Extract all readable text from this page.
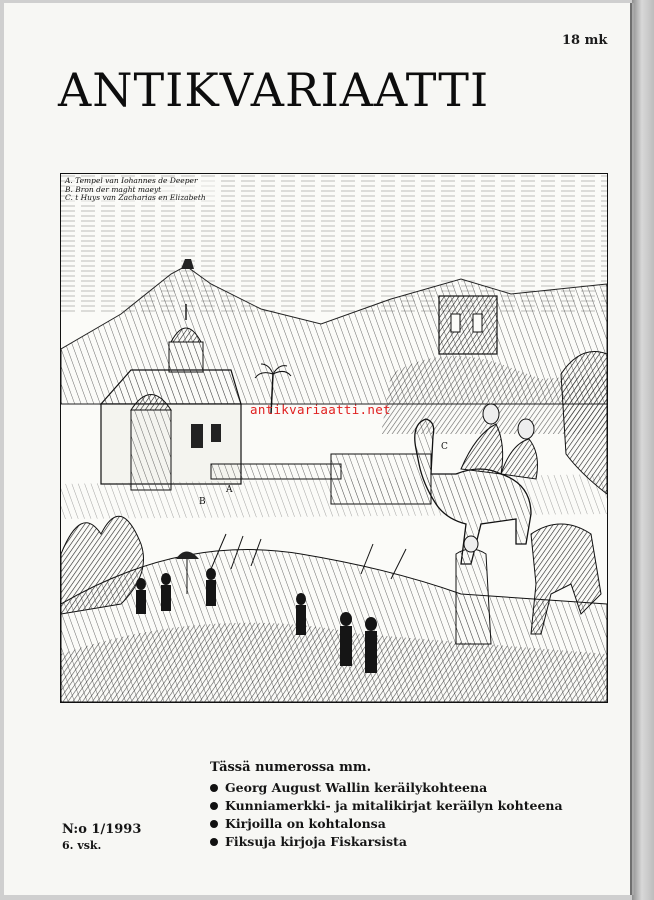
18 mk
ANTIKVARIAATTI
A
B
C
A. Tempel van Iohannes de Deeper
B. Bron der maght maeyt
C. t Huys van Zacharias en Elizabeth
antikvariaatti.net
Tässä numerossa mm.
Georg August Wallin keräilykohteena
Kunniamerkki- ja mitalikirjat keräilyn kohteena
Kirjoilla on kohtalonsa
Fiksuja kirjoja Fiskarsista
N:o 1/1993
6. vsk.
